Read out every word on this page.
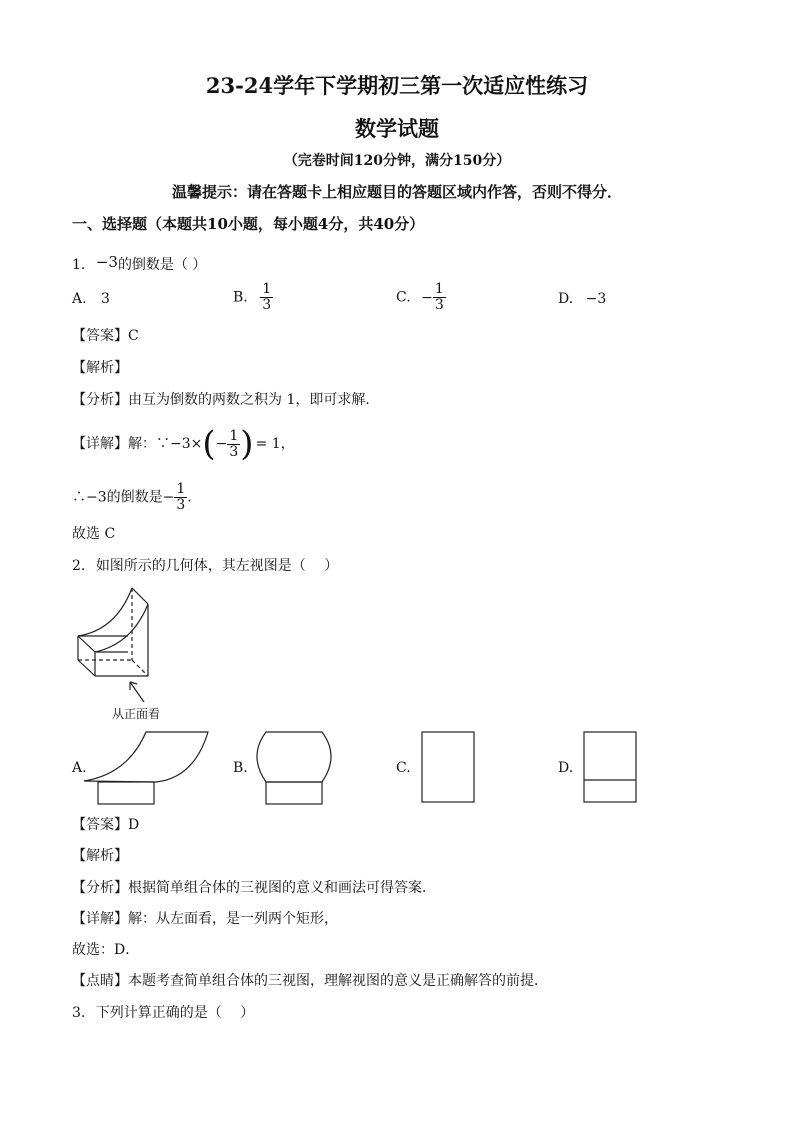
23-24学年下学期初三第一次适应性练习
数学试题
（完卷时间120分钟，满分150分）
温馨提示：请在答题卡上相应题目的答题区域内作答，否则不得分．
一、选择题（本题共10小题，每小题4分，共40分）
1. −3的倒数是（ ）
A. 3	B. $\frac{1}{3}$	C. − $\frac{1}{3}$	D. −3
【答案】C
【解析】
【分析】由互为倒数的两数之积为 1，即可求解．
【详解】解：∵−3×(− $\frac{1}{3}$ ) = 1，
∴−3的倒数是− $\frac{1}{3}$ .
故选 C
2. 如图所示的几何体，其左视图是（　 ）
从正面看
A.	B.	C.	D.
【答案】D
【解析】
【分析】根据简单组合体的三视图的意义和画法可得答案．
【详解】解：从左面看，是一列两个矩形，
故选：D．
【点睛】本题考查简单组合体的三视图，理解视图的意义是正确解答的前提．
3. 下列计算正确的是（　 ）
